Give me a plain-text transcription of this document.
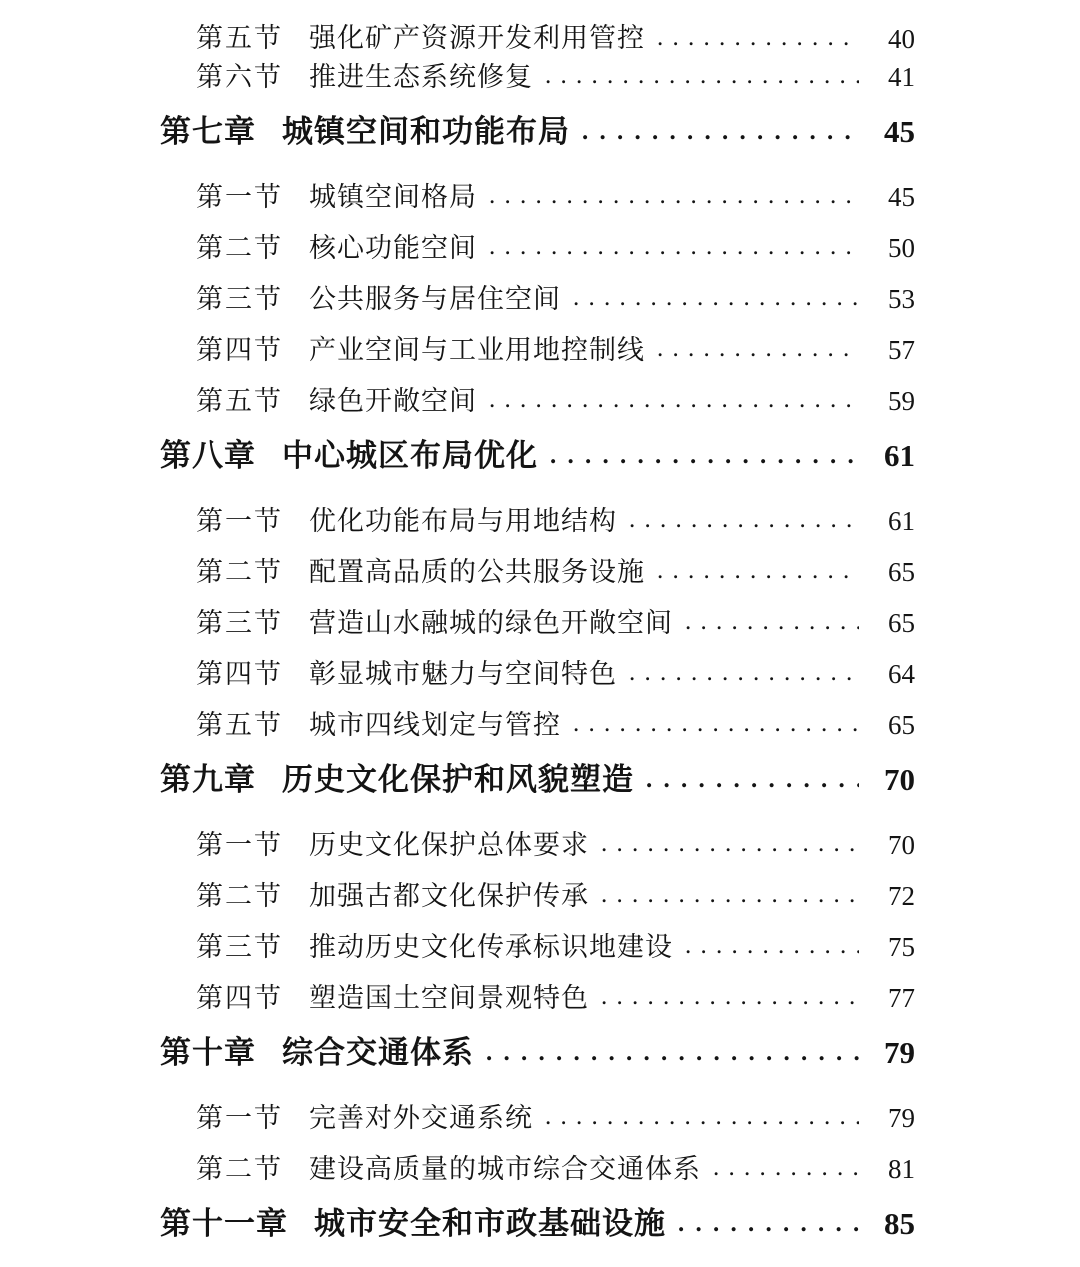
第五节 强化矿产资源开发利用管控 . . .	40
第六节 推进生态系统修复 . . .	41
第七章 城镇空间和功能布局 . . .	45
第一节 城镇空间格局 . . .	45
第二节 核心功能空间 . . .	50
第三节 公共服务与居住空间 . . .	53
第四节 产业空间与工业用地控制线 . . .	57
第五节 绿色开敞空间 . . .	59
第八章 中心城区布局优化 . . .	61
第一节 优化功能布局与用地结构 . . .	61
第二节 配置高品质的公共服务设施 . . .	65
第三节 营造山水融城的绿色开敞空间 . . .	65
第四节 彰显城市魅力与空间特色 . . .	64
第五节 城市四线划定与管控 . . .	65
第九章 历史文化保护和风貌塑造 . . .	70
第一节 历史文化保护总体要求 . . .	70
第二节 加强古都文化保护传承 . . .	72
第三节 推动历史文化传承标识地建设 . . .	75
第四节 塑造国土空间景观特色 . . .	77
第十章 综合交通体系 . . .	79
第一节 完善对外交通系统 . . .	79
第二节 建设高质量的城市综合交通体系 . . .	81
第十一章 城市安全和市政基础设施 . . .	85
